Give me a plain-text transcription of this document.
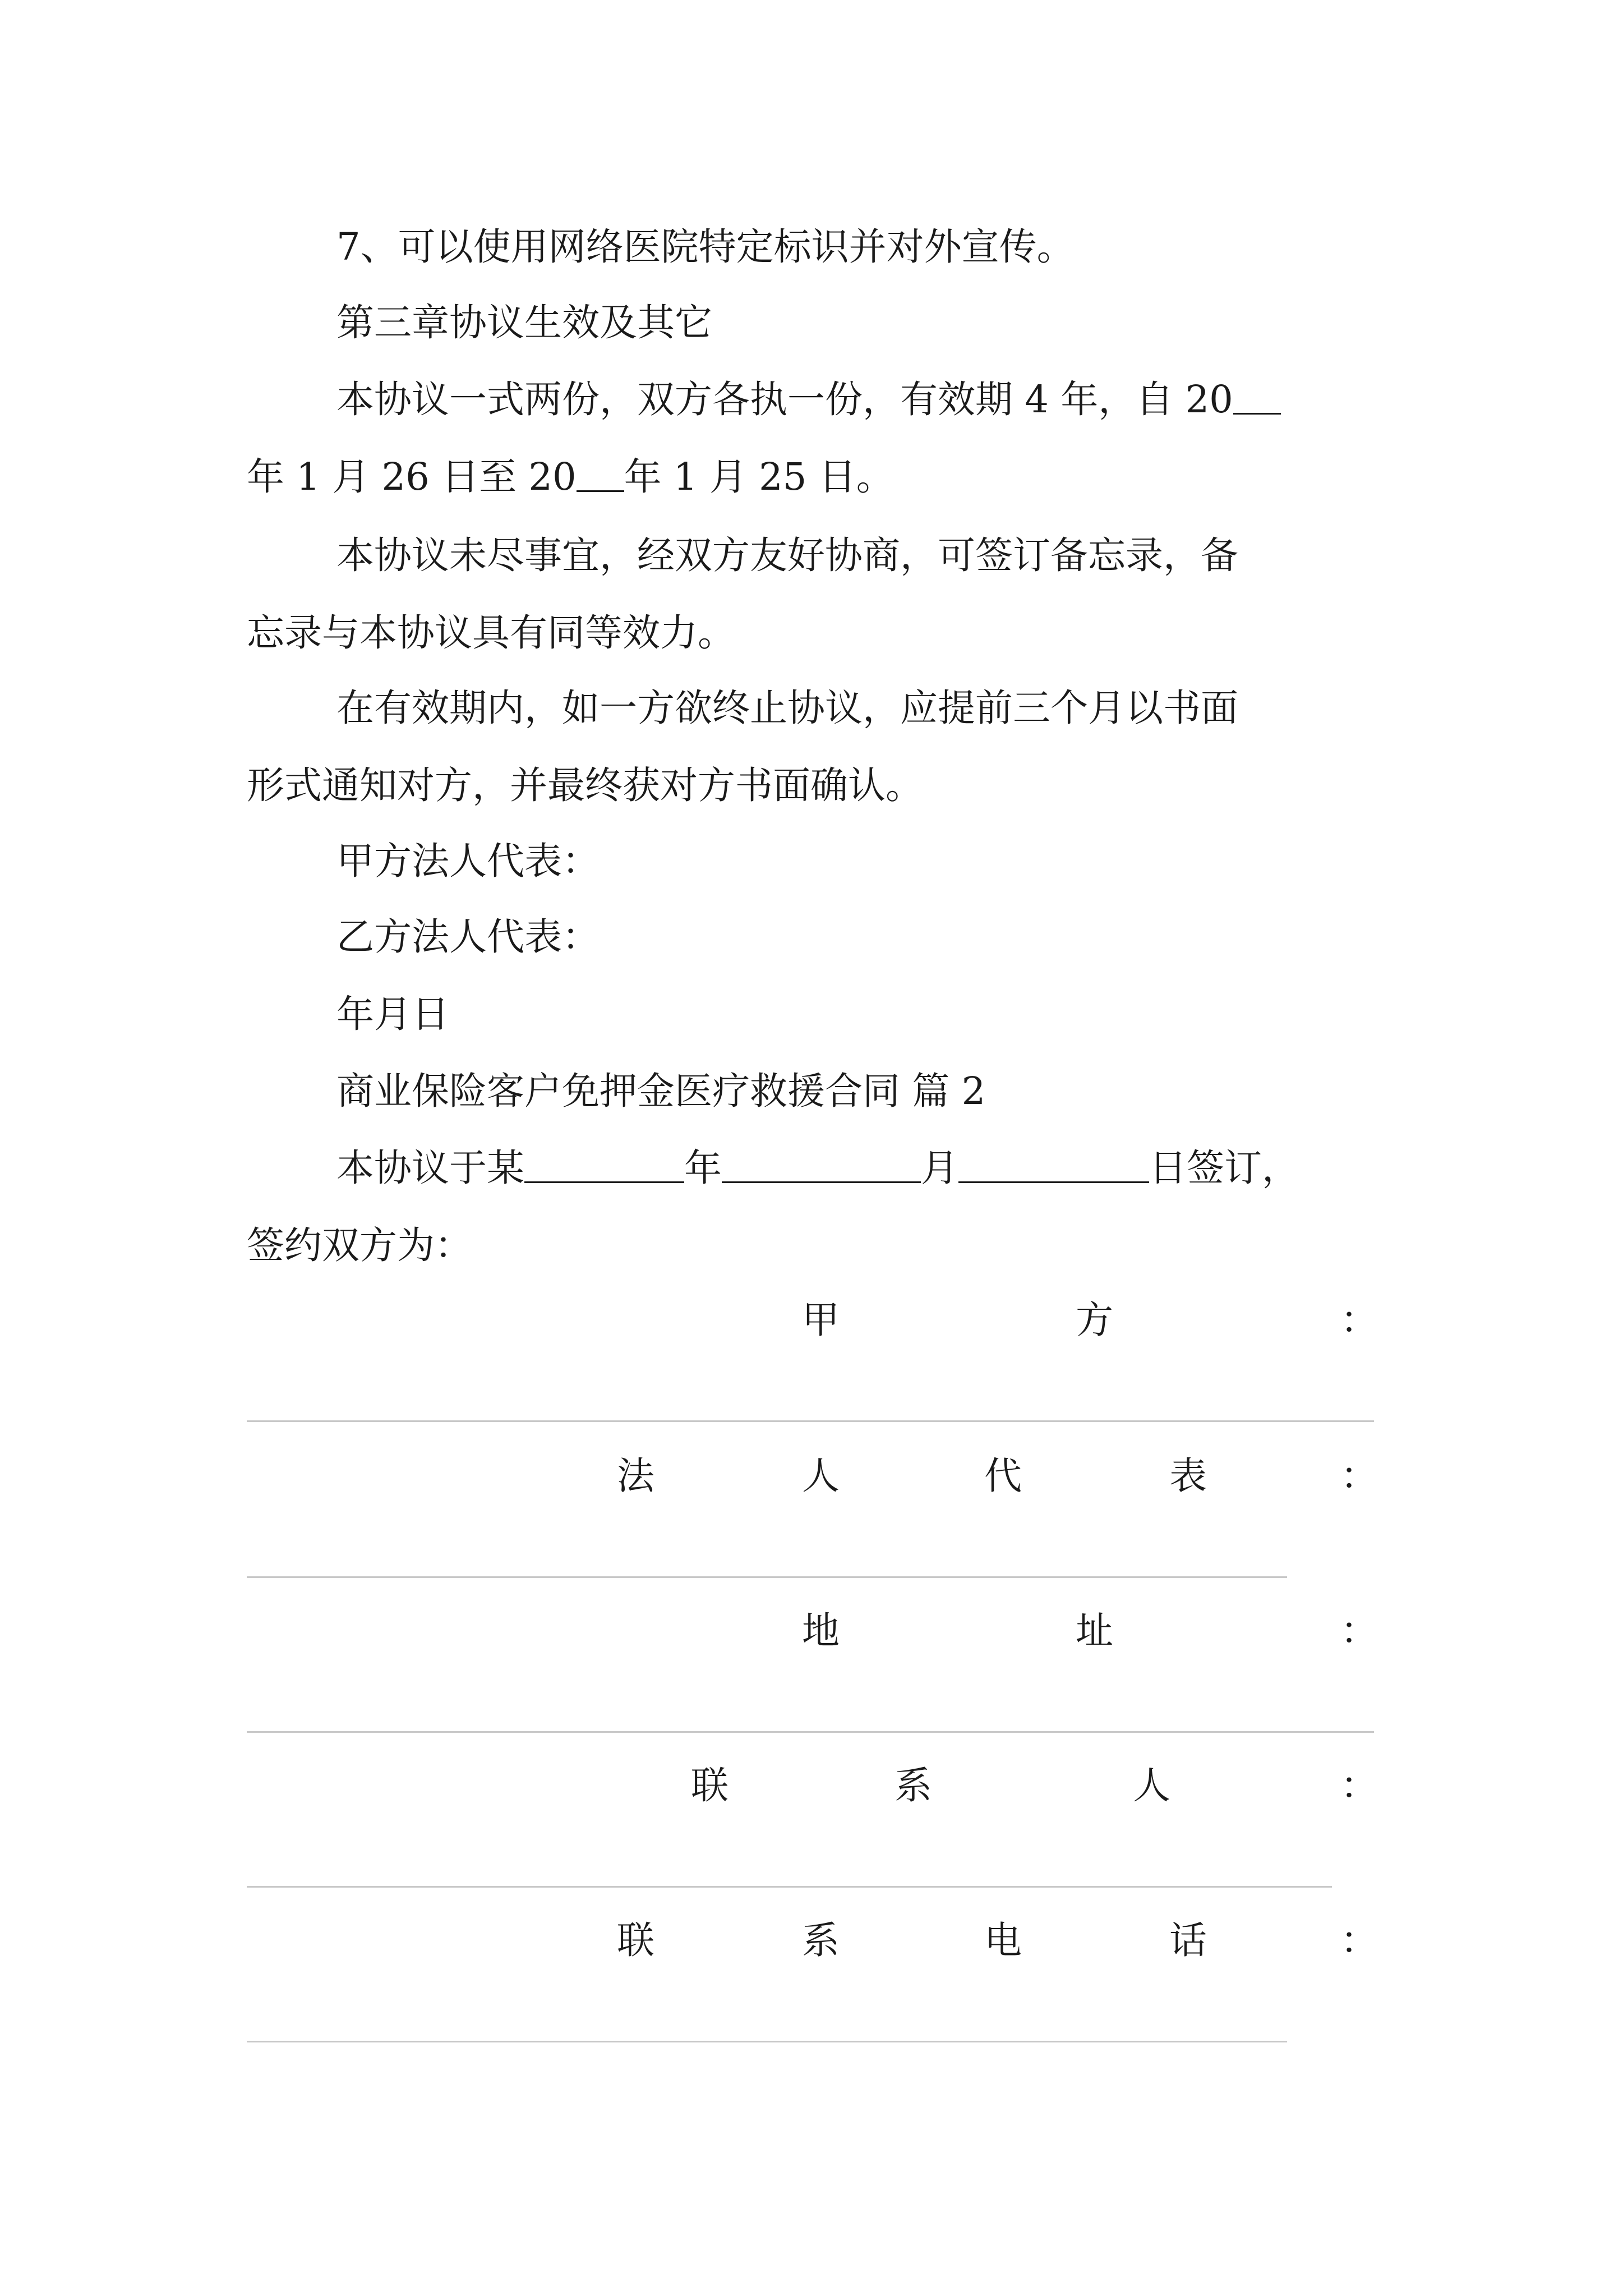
7、可以使用网络医院特定标识并对外宣传。
第三章协议生效及其它
本协议一式两份，双方各执一份，有效期 4 年，自 20
年 1 月 26 日至 20 年 1 月 25 日。
本协议未尽事宜，经双方友好协商，可签订备忘录，备
忘录与本协议具有同等效力。
在有效期内，如一方欲终止协议，应提前三个月以书面
形式通知对方，并最终获对方书面确认。
甲方法人代表：
乙方法人代表：
年月日
商业保险客户免押金医疗救援合同 篇 2
本协议于某	年	月	日签订，
签约双方为：
甲	方	：
法	人	代	表	：
地	址	：
联	系	人	：
联	系	电	话	：
